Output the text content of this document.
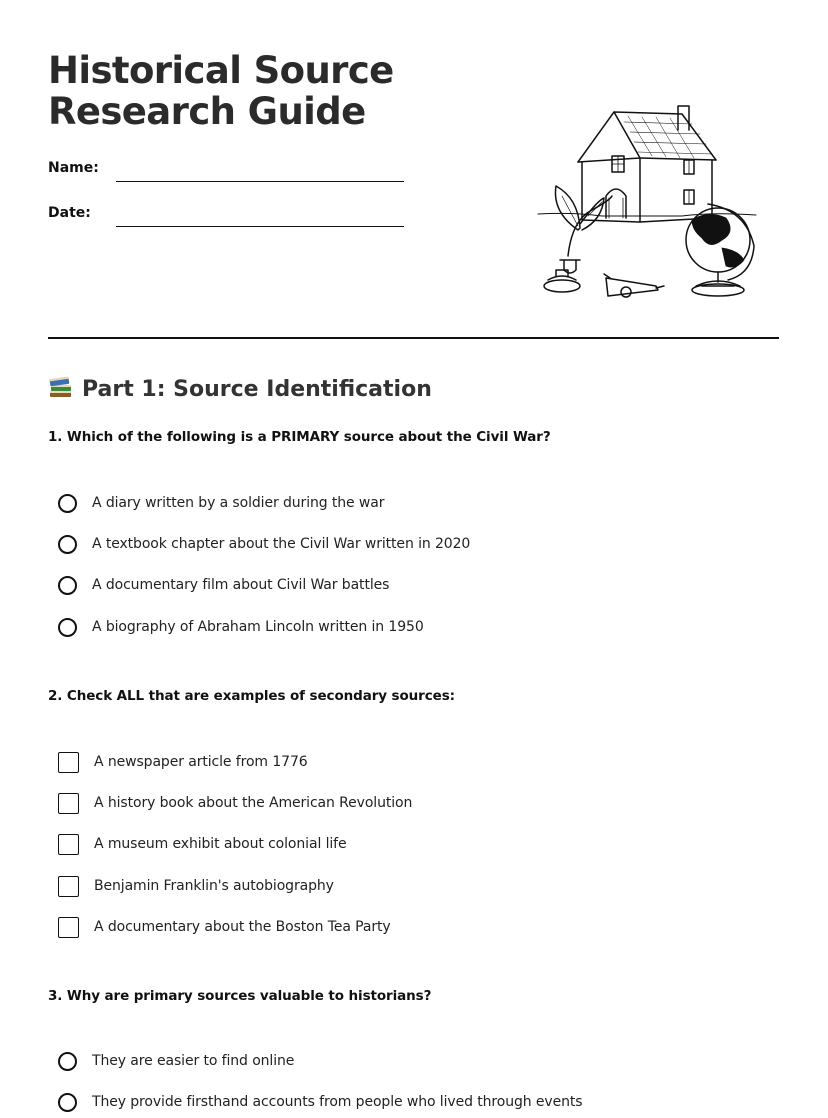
Historical Source
Research Guide
Name:
Date:
Part 1: Source Identification

1. Which of the following is a PRIMARY source about the Civil War?

A diary written by a soldier during the war
A textbook chapter about the Civil War written in 2020
A documentary film about Civil War battles
A biography of Abraham Lincoln written in 1950

2. Check ALL that are examples of secondary sources:

A newspaper article from 1776
A history book about the American Revolution
A museum exhibit about colonial life
Benjamin Franklin's autobiography
A documentary about the Boston Tea Party

3. Why are primary sources valuable to historians?

They are easier to find online
They provide firsthand accounts from people who lived through events
